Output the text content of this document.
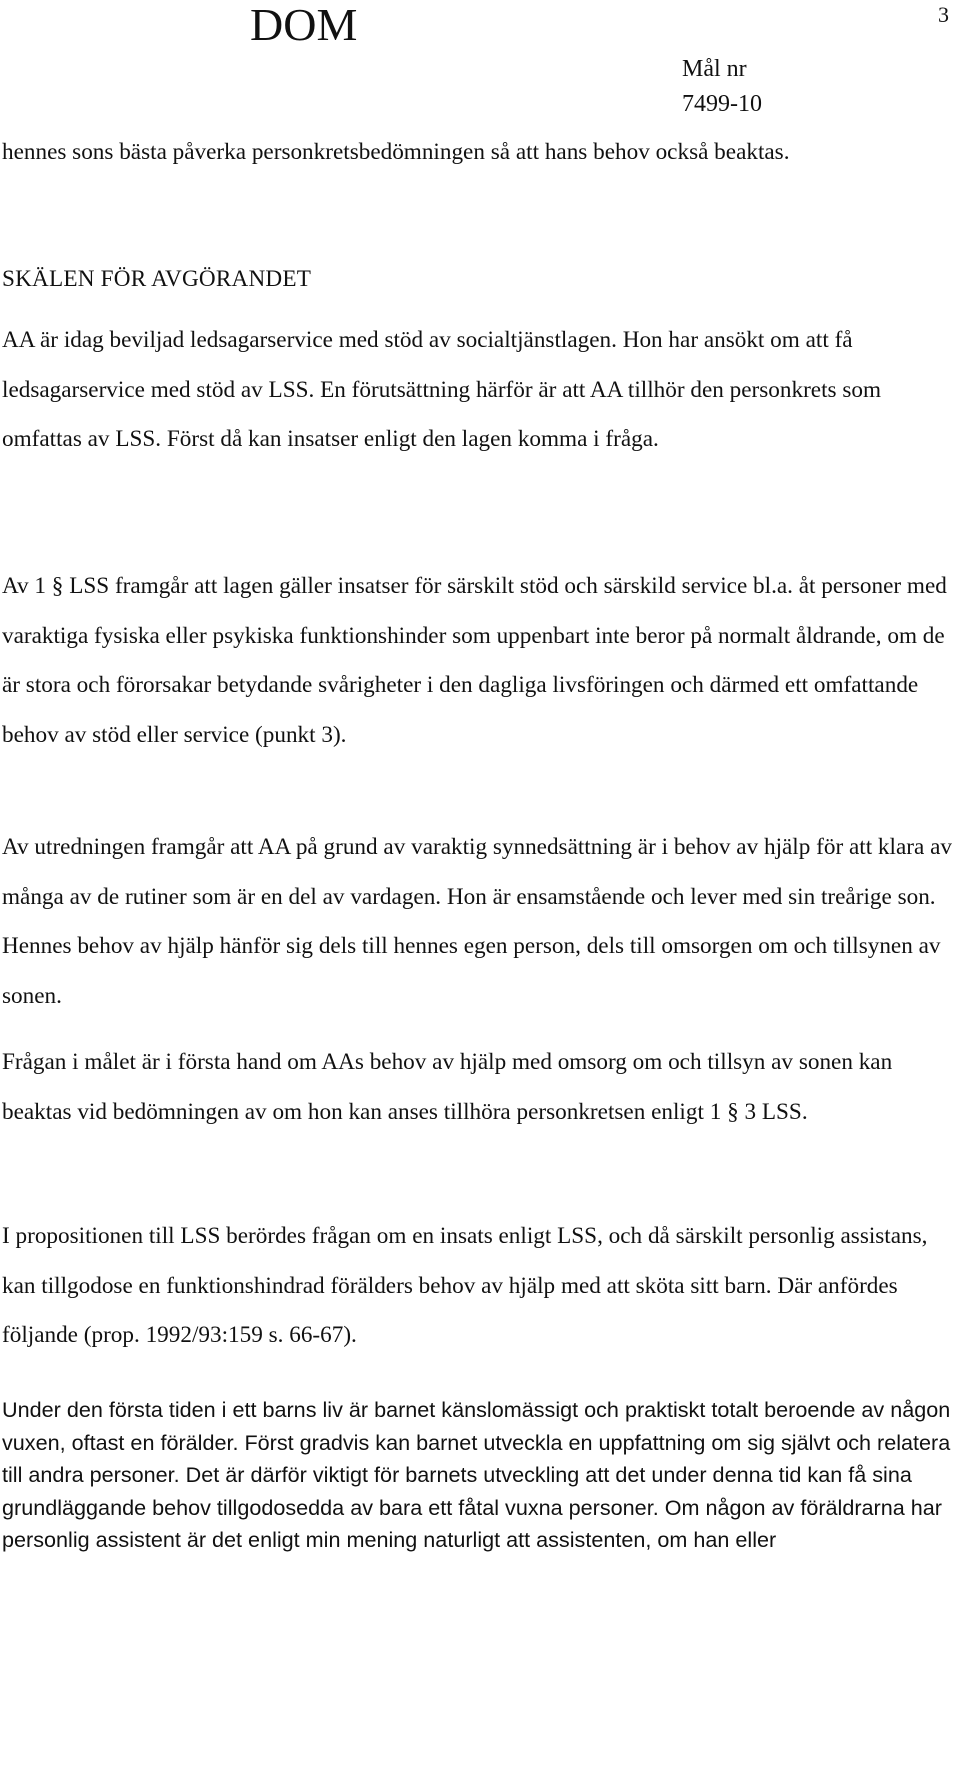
DOM	3
Mål nr
7499-10

hennes sons bästa påverka personkretsbedömningen så att hans behov också beaktas.

SKÄLEN FÖR AVGÖRANDET

AA är idag beviljad ledsagarservice med stöd av socialtjänstlagen. Hon har ansökt om att få ledsagarservice med stöd av LSS. En förutsättning härför är att AA tillhör den personkrets som omfattas av LSS. Först då kan insatser enligt den lagen komma i fråga.

Av 1 § LSS framgår att lagen gäller insatser för särskilt stöd och särskild service bl.a. åt personer med varaktiga fysiska eller psykiska funktionshinder som uppenbart inte beror på normalt åldrande, om de är stora och förorsakar betydande svårigheter i den dagliga livsföringen och därmed ett omfattande behov av stöd eller service (punkt 3).

Av utredningen framgår att AA på grund av varaktig synnedsättning är i behov av hjälp för att klara av många av de rutiner som är en del av vardagen. Hon är ensamstående och lever med sin treårige son. Hennes behov av hjälp hänför sig dels till hennes egen person, dels till omsorgen om och tillsynen av sonen.

Frågan i målet är i första hand om AAs behov av hjälp med omsorg om och tillsyn av sonen kan beaktas vid bedömningen av om hon kan anses tillhöra personkretsen enligt 1 § 3 LSS.

I propositionen till LSS berördes frågan om en insats enligt LSS, och då särskilt personlig assistans, kan tillgodose en funktionshindrad förälders behov av hjälp med att sköta sitt barn. Där anfördes följande (prop. 1992/93:159 s. 66-67).

Under den första tiden i ett barns liv är barnet känslomässigt och praktiskt totalt beroende av någon vuxen, oftast en förälder. Först gradvis kan barnet utveckla en uppfattning om sig självt och relatera till andra personer. Det är därför viktigt för barnets utveckling att det under denna tid kan få sina grundläggande behov tillgodosedda av bara ett fåtal vuxna personer. Om någon av föräldrarna har personlig assistent är det enligt min mening naturligt att assistenten, om han eller
